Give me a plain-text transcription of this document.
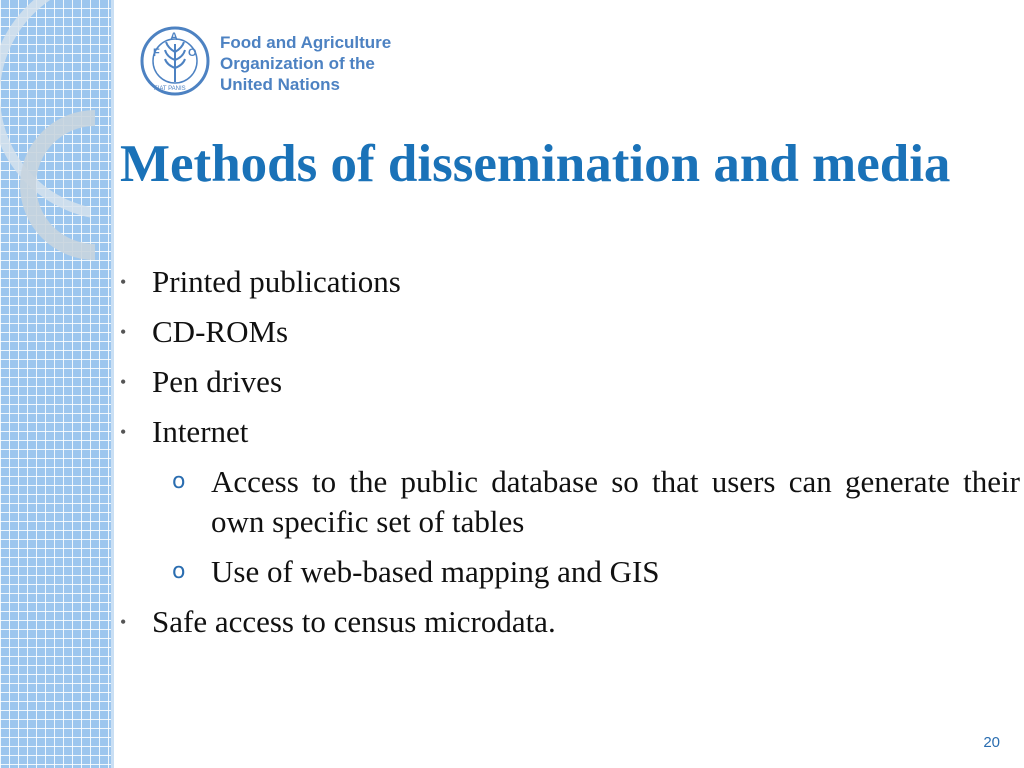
F
A
O
FIAT PANIS
Food and Agriculture
Organization of the
United Nations
Methods of dissemination and media
• Printed publications
• CD-ROMs
• Pen drives
• Internet
o Access to the public database so that users can generate their own specific set of tables
o Use of web-based mapping and GIS
• Safe access to census microdata.
20
